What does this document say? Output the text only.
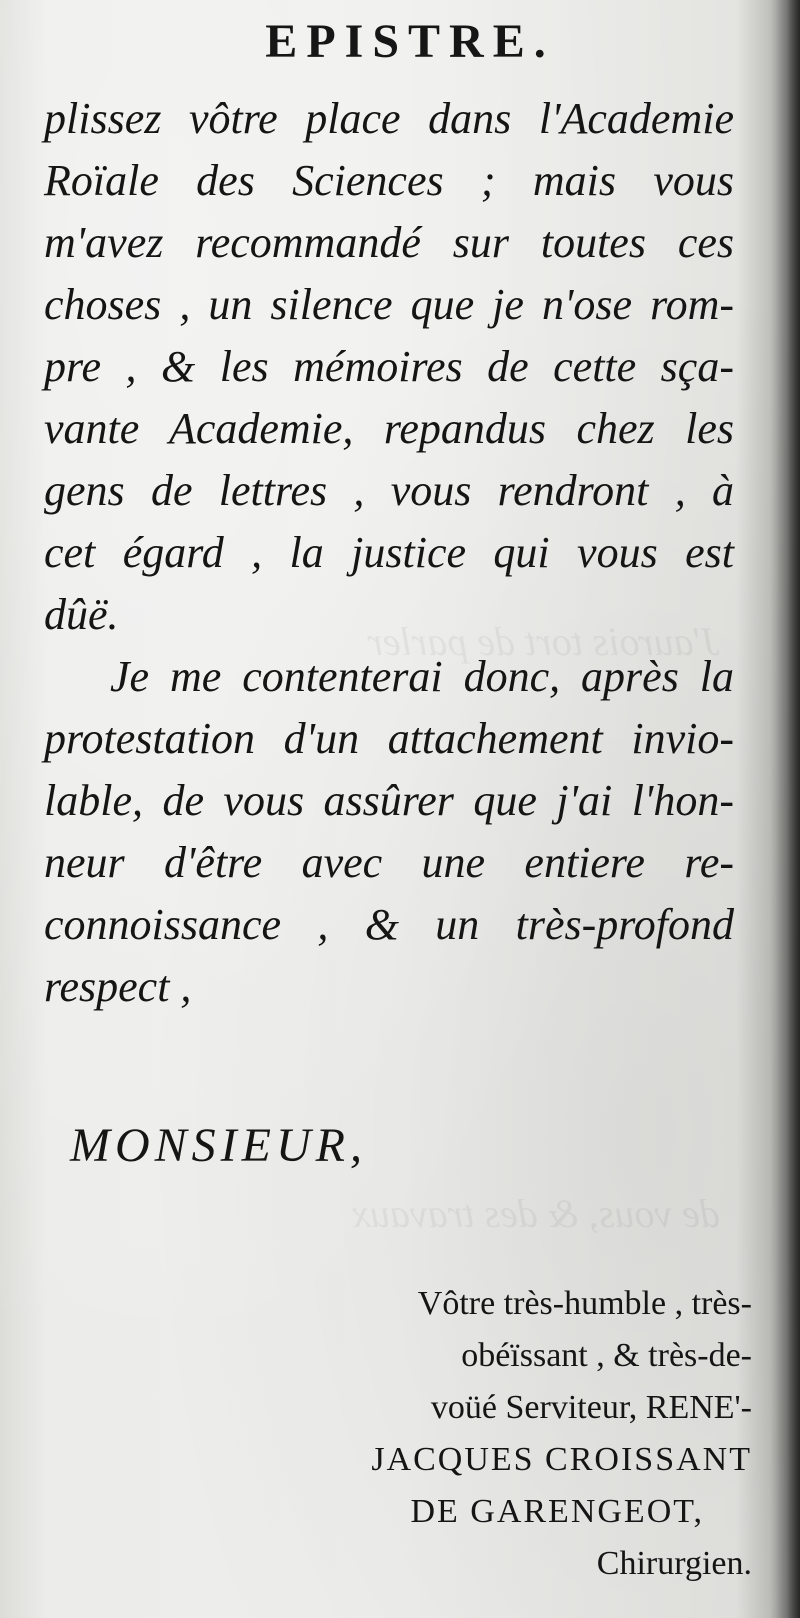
J'aurois tort de parler
de vous, & des travaux
EPISTRE.
plissez vôtre place dans l'Academie
Roïale des Sciences ; mais vous
m'avez recommandé sur toutes ces
choses , un silence que je n'ose rom-
pre , & les mémoires de cette sça-
vante Academie, repandus chez les
gens de lettres , vous rendront , à
cet égard , la justice qui vous est
dûë.
Je me contenterai donc, après la
protestation d'un attachement invio-
lable, de vous assûrer que j'ai l'hon-
neur d'être avec une entiere re-
connoissance , & un très-profond
respect ,
MONSIEUR,
Vôtre très-humble , très-
obéïssant , & très-de-
voüé Serviteur, RENE'-
JACQUES CROISSANT
DE GARENGEOT,
Chirurgien.
